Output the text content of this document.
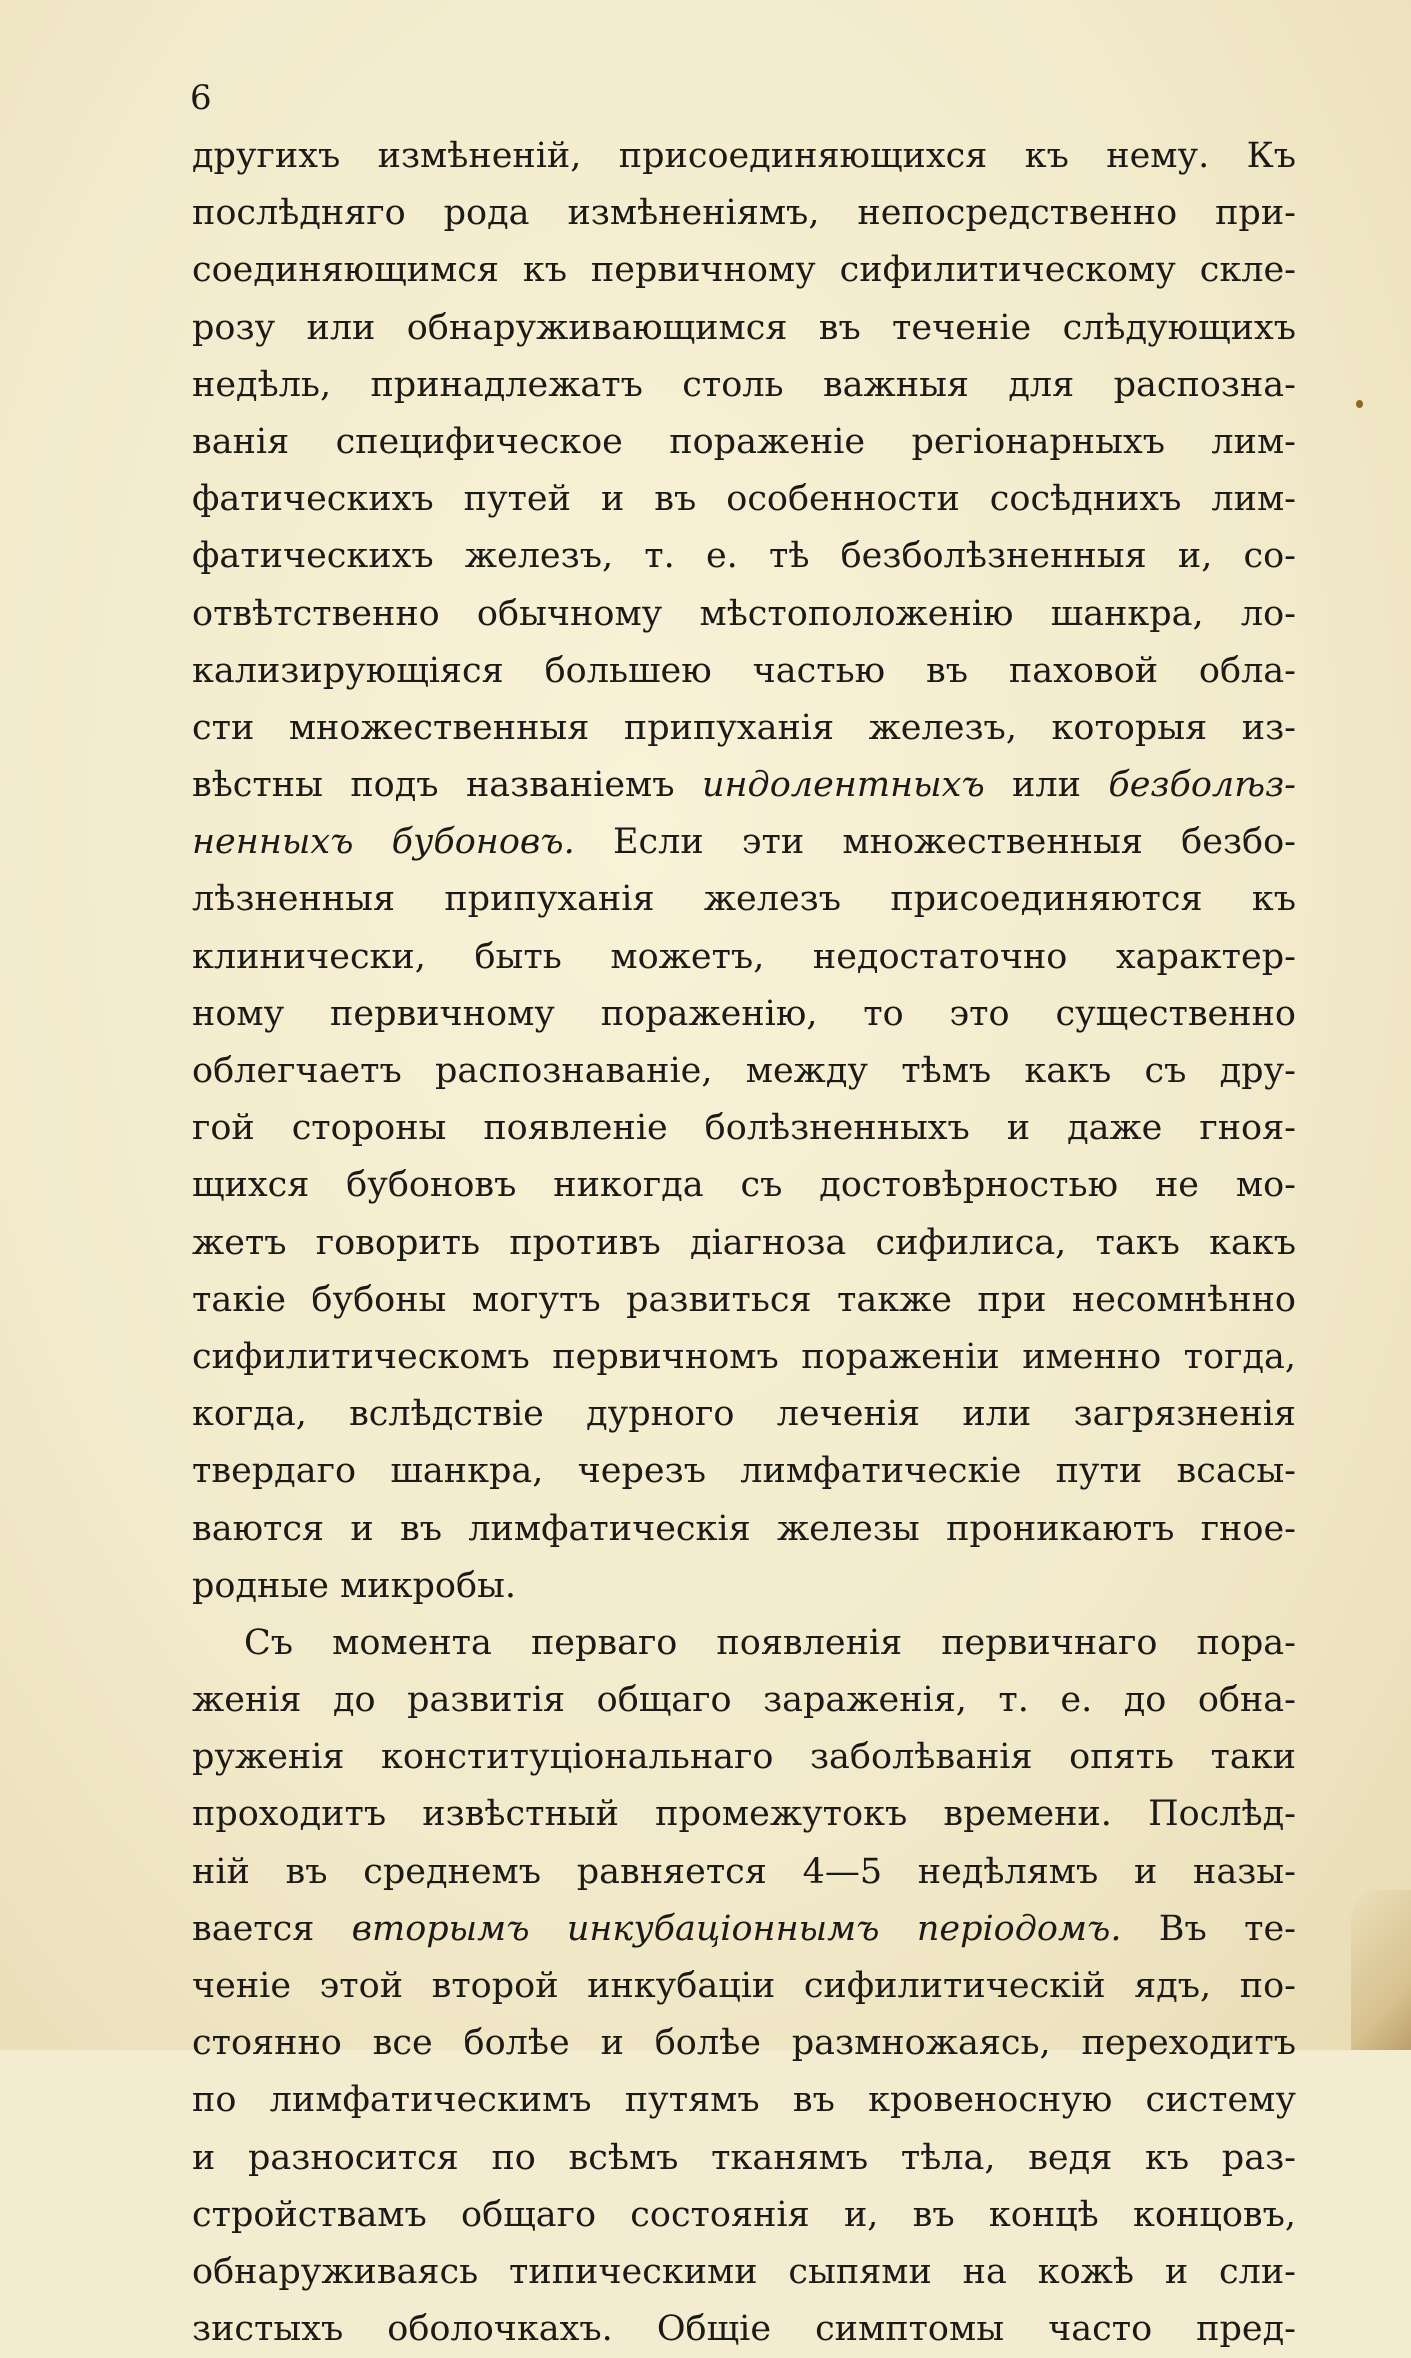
6

другихъ измѣненій, присоединяющихся къ нему. Къ
послѣдняго рода измѣненіямъ, непосредственно при-
соединяющимся къ первичному сифилитическому скле-
розу или обнаруживающимся въ теченіе слѣдующихъ
недѣль, принадлежатъ столь важныя для распозна-
ванія специфическое пораженіе регіонарныхъ лим-
фатическихъ путей и въ особенности сосѣднихъ лим-
фатическихъ железъ, т. е. тѣ безболѣзненныя и, со-
отвѣтственно обычному мѣстоположенію шанкра, ло-
кализирующіяся большею частью въ паховой обла-
сти множественныя припуханія железъ, которыя из-
вѣстны подъ названіемъ индолентныхъ или безболѣз-
ненныхъ бубоновъ. Если эти множественныя безбо-
лѣзненныя припуханія железъ присоединяются къ
клинически, быть можетъ, недостаточно характер-
ному первичному пораженію, то это существенно
облегчаетъ распознаваніе, между тѣмъ какъ съ дру-
гой стороны появленіе болѣзненныхъ и даже гноя-
щихся бубоновъ никогда съ достовѣрностью не мо-
жетъ говорить противъ діагноза сифилиса, такъ какъ
такіе бубоны могутъ развиться также при несомнѣнно
сифилитическомъ первичномъ пораженіи именно тогда,
когда, вслѣдствіе дурного леченія или загрязненія
твердаго шанкра, черезъ лимфатическіе пути всасы-
ваются и въ лимфатическія железы проникаютъ гное-
родные микробы.
Съ момента перваго появленія первичнаго пора-
женія до развитія общаго зараженія, т. е. до обна-
руженія конституціональнаго заболѣванія опять таки
проходитъ извѣстный промежутокъ времени. Послѣд-
ній въ среднемъ равняется 4—5 недѣлямъ и назы-
вается вторымъ инкубаціоннымъ періодомъ. Въ те-
ченіе этой второй инкубаціи сифилитическій ядъ, по-
стоянно все болѣе и болѣе размножаясь, переходитъ
по лимфатическимъ путямъ въ кровеносную систему
и разносится по всѣмъ тканямъ тѣла, ведя къ раз-
стройствамъ общаго состоянія и, въ концѣ концовъ,
обнаруживаясь типическими сыпями на кожѣ и сли-
зистыхъ оболочкахъ. Общіе симптомы часто пред-
